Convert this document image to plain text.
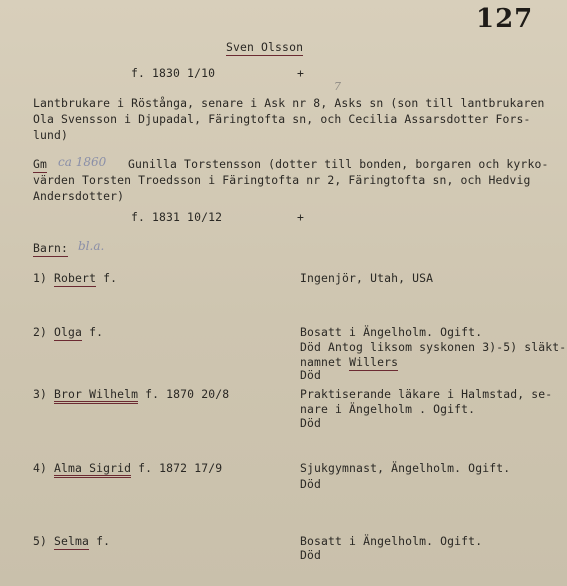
127
Sven Olsson
f. 1830 1/10	+
7
Lantbrukare i Röstånga, senare i Ask nr 8, Asks sn (son till lantbrukaren
Ola Svensson i Djupadal, Färingtofta sn, och Cecilia Assarsdotter Fors-
lund)
Gm ca 1860 Gunilla Torstensson (dotter till bonden, borgaren och kyrko-
värden Torsten Troedsson i Färingtofta nr 2, Färingtofta sn, och Hedvig
Andersdotter)
f. 1831 10/12	+
Barn: bl.a.
1) Robert f.	Ingenjör, Utah, USA
2) Olga f.	Bosatt i Ängelholm. Ogift.
Död Antog liksom syskonen 3)-5) släkt-
namnet Willers
Död
3) Bror Wilhelm f. 1870 20/8	Praktiserande läkare i Halmstad, se-
nare i Ängelholm . Ogift.
Död
4) Alma Sigrid f. 1872 17/9	Sjukgymnast, Ängelholm. Ogift.
Död
5) Selma f.	Bosatt i Ängelholm. Ogift.
Död
